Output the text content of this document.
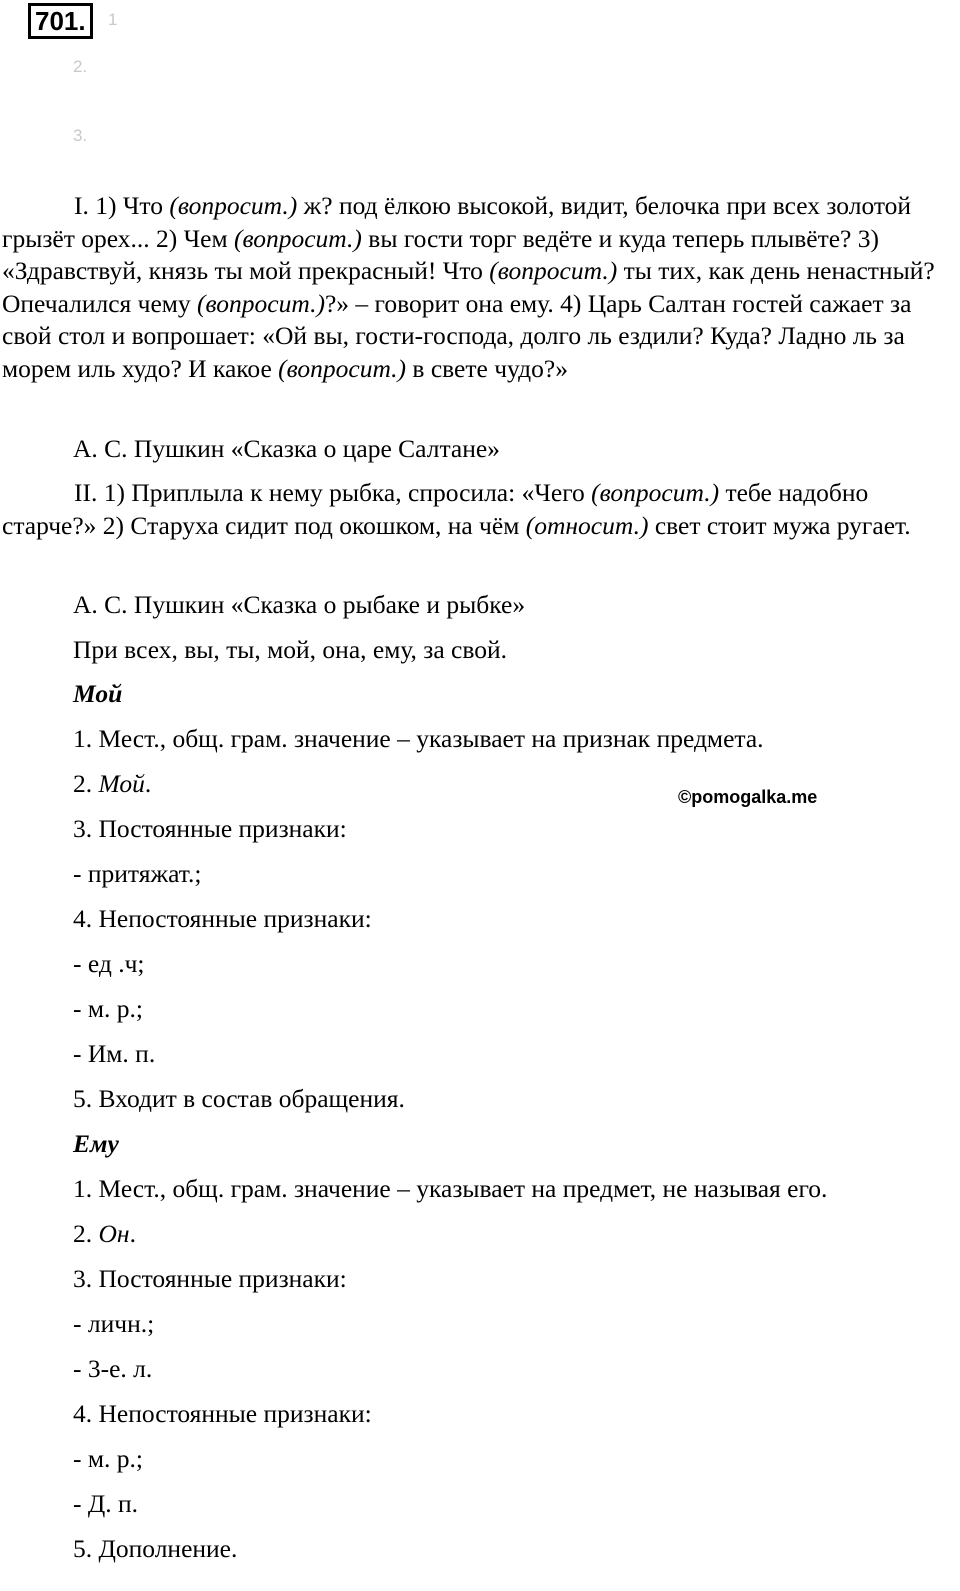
701.	1
2.
3.

I. 1) Что (вопросит.) ж? под ёлкою высокой, видит, белочка при всех золотой грызёт орех... 2) Чем (вопросит.) вы гости торг ведёте и куда теперь плывёте? 3) «Здравствуй, князь ты мой прекрасный! Что (вопросит.) ты тих, как день ненастный? Опечалился чему (вопросит.)?» – говорит она ему. 4) Царь Салтан гостей сажает за свой стол и вопрошает: «Ой вы, гости-господа, долго ль ездили? Куда? Ладно ль за морем иль худо? И какое (вопросит.) в свете чудо?»

А. С. Пушкин «Сказка о царе Салтане»

II. 1) Приплыла к нему рыбка, спросила: «Чего (вопросит.) тебе надобно старче?» 2) Старуха сидит под окошком, на чём (относит.) свет стоит мужа ругает.

А. С. Пушкин «Сказка о рыбаке и рыбке»
При всех, вы, ты, мой, она, ему, за свой.
Мой
1. Мест., общ. грам. значение – указывает на признак предмета.
2. Мой.
3. Постоянные признаки:
- притяжат.;
4. Непостоянные признаки:
- ед .ч;
- м. р.;
- Им. п.
5. Входит в состав обращения.
Ему
1. Мест., общ. грам. значение – указывает на предмет, не называя его.
2. Он.
3. Постоянные признаки:
- личн.;
- 3-е. л.
4. Непостоянные признаки:
- м. р.;
- Д. п.
5. Дополнение.
©pomogalka.me
